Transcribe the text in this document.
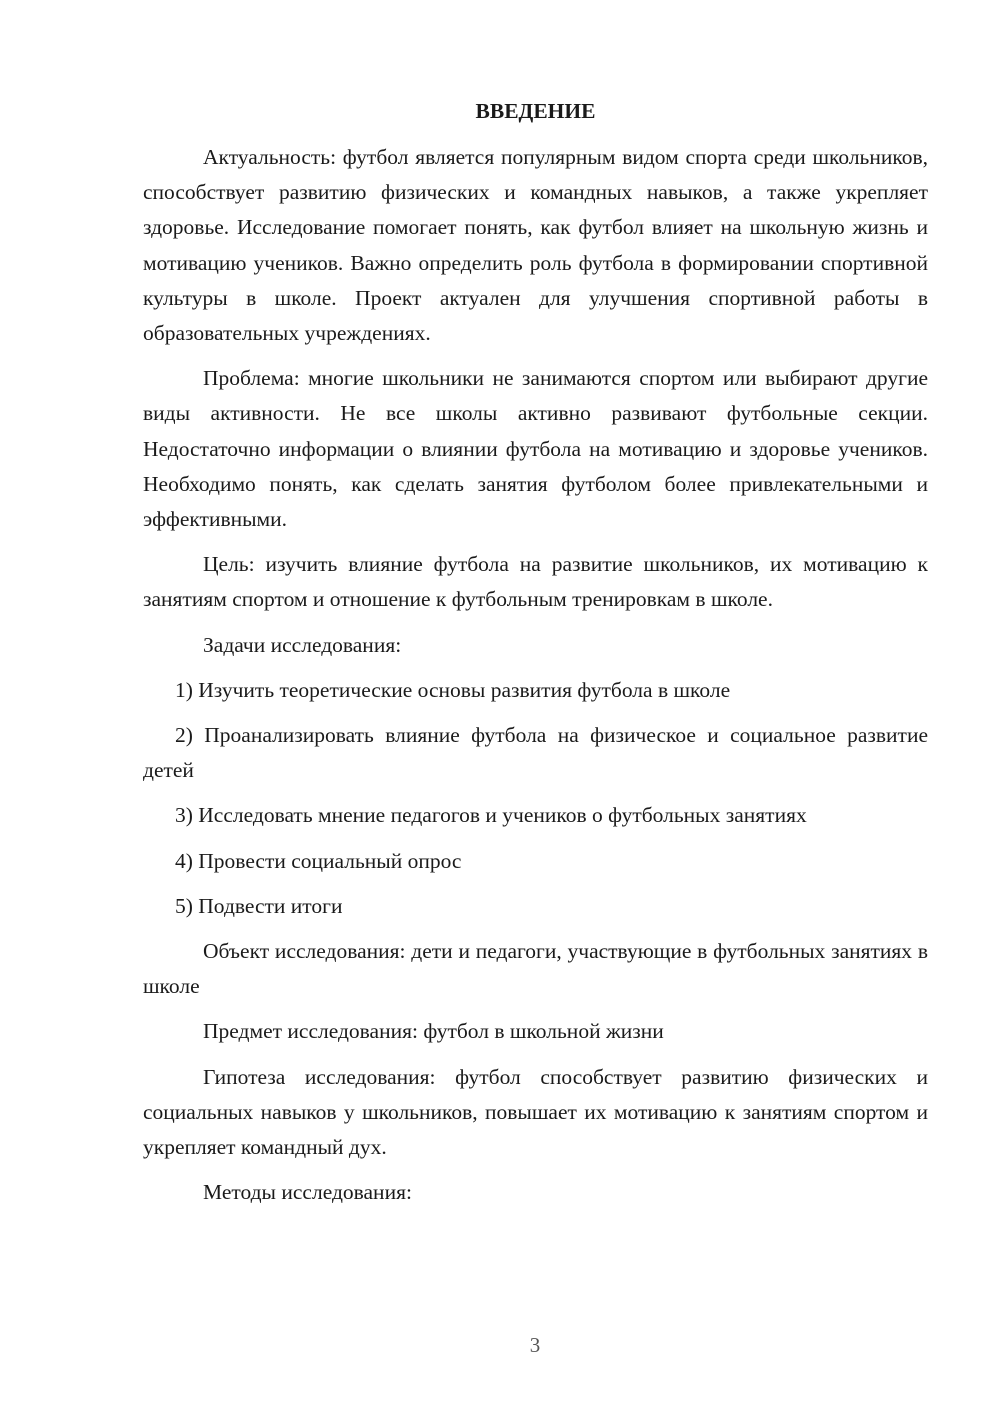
ВВЕДЕНИЕ

Актуальность: футбол является популярным видом спорта среди школьников, способствует развитию физических и командных навыков, а также укрепляет здоровье. Исследование помогает понять, как футбол влияет на школьную жизнь и мотивацию учеников. Важно определить роль футбола в формировании спортивной культуры в школе. Проект актуален для улучшения спортивной работы в образовательных учреждениях.

Проблема: многие школьники не занимаются спортом или выбирают другие виды активности. Не все школы активно развивают футбольные секции. Недостаточно информации о влиянии футбола на мотивацию и здоровье учеников. Необходимо понять, как сделать занятия футболом более привлекательными и эффективными.

Цель: изучить влияние футбола на развитие школьников, их мотивацию к занятиям спортом и отношение к футбольным тренировкам в школе.

Задачи исследования:

1) Изучить теоретические основы развития футбола в школе

2) Проанализировать влияние футбола на физическое и социальное развитие детей

3) Исследовать мнение педагогов и учеников о футбольных занятиях

4) Провести социальный опрос

5) Подвести итоги

Объект исследования: дети и педагоги, участвующие в футбольных занятиях в школе

Предмет исследования: футбол в школьной жизни

Гипотеза исследования: футбол способствует развитию физических и социальных навыков у школьников, повышает их мотивацию к занятиям спортом и укрепляет командный дух.

Методы исследования:

3
